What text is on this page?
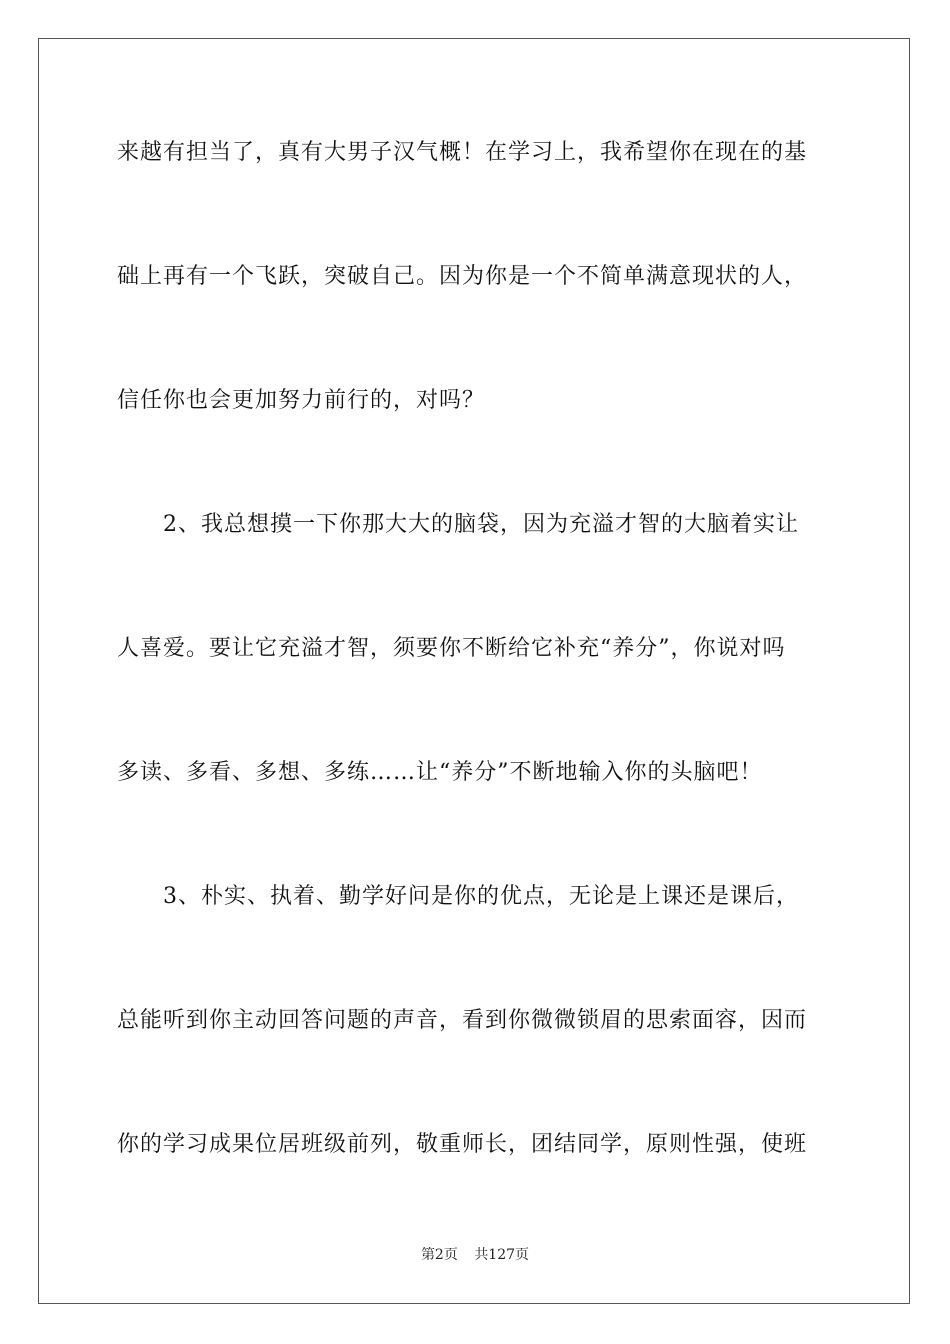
来越有担当了，真有大男子汉气概！在学习上，我希望你在现在的基
础上再有一个飞跃，突破自己。因为你是一个不简单满意现状的人，
信任你也会更加努力前行的，对吗？
2、我总想摸一下你那大大的脑袋，因为充溢才智的大脑着实让
人喜爱。要让它充溢才智，须要你不断给它补充“养分”，你说对吗
多读、多看、多想、多练……让“养分”不断地输入你的头脑吧！
3、朴实、执着、勤学好问是你的优点，无论是上课还是课后，
总能听到你主动回答问题的声音，看到你微微锁眉的思索面容，因而
你的学习成果位居班级前列，敬重师长，团结同学，原则性强，使班
第2页 共127页
